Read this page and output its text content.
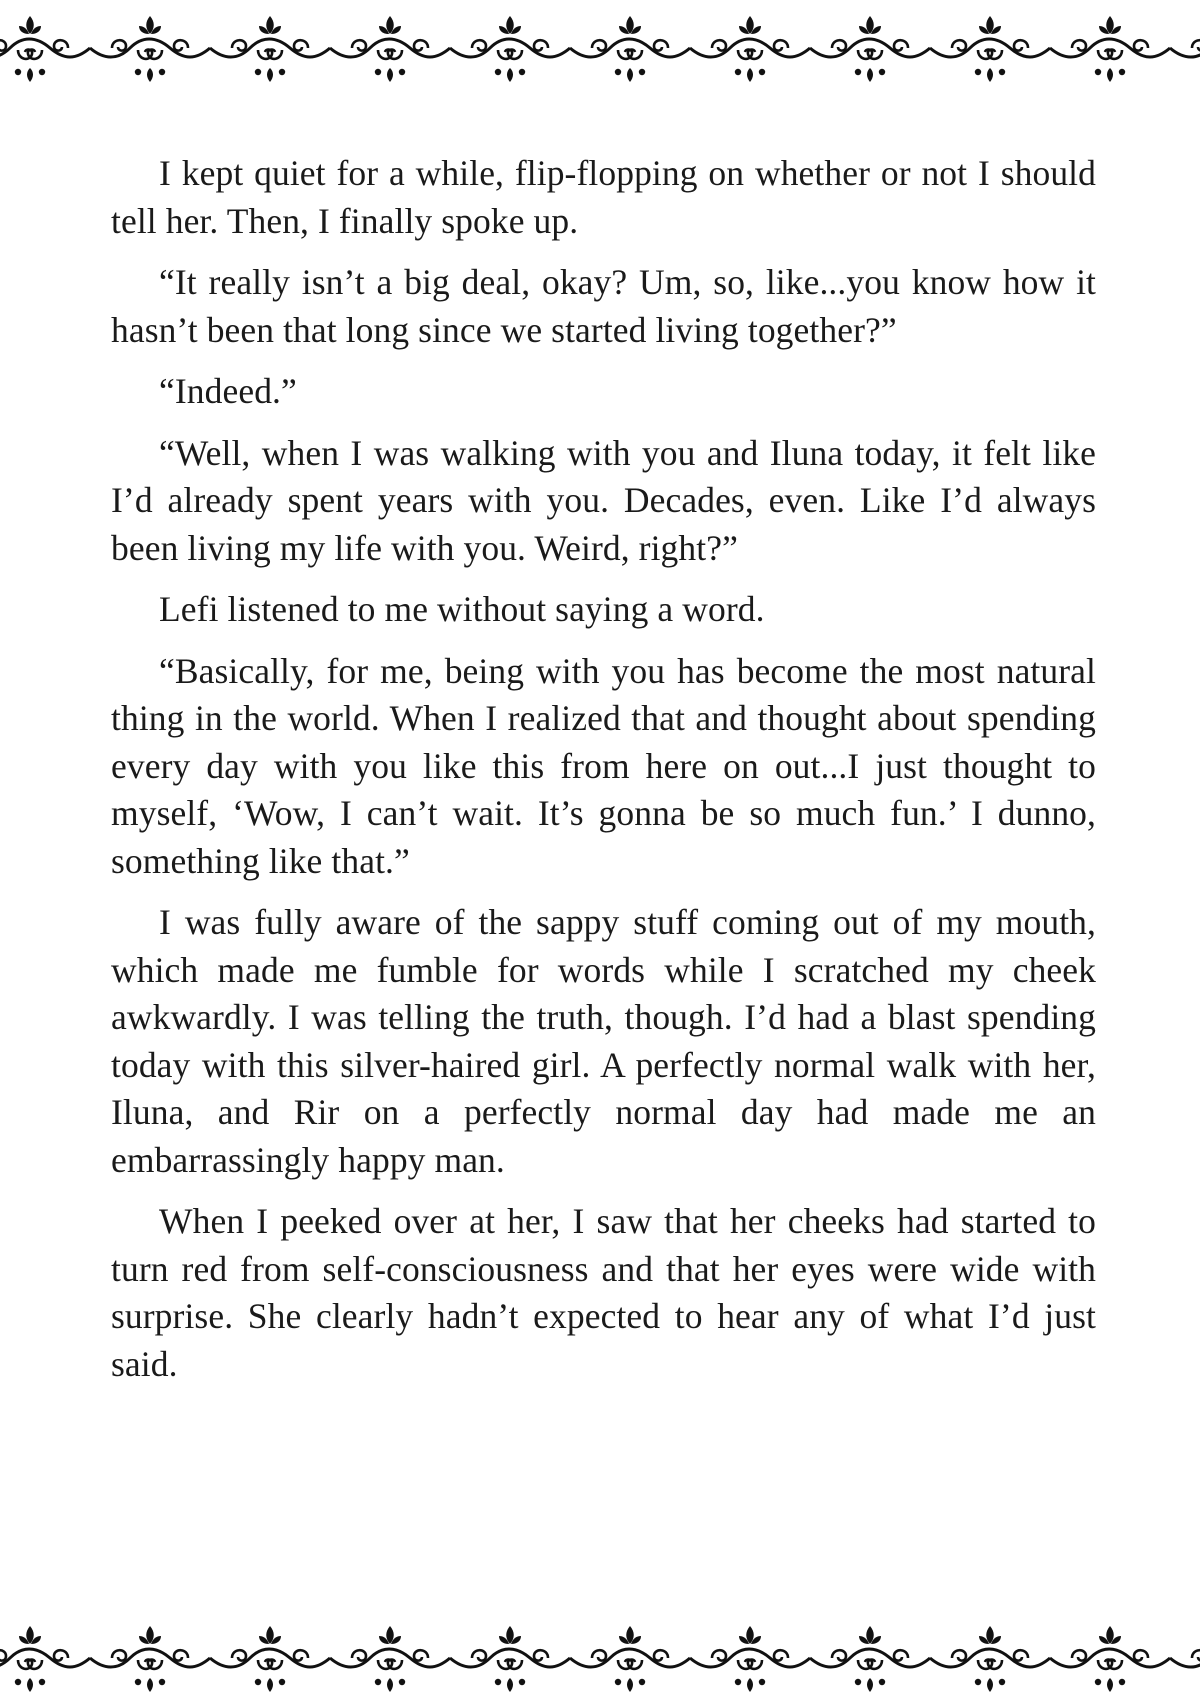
I kept quiet for a while, flip-flopping on whether or not I should tell her. Then, I finally spoke up.

“It really isn’t a big deal, okay? Um, so, like...you know how it hasn’t been that long since we started living together?”

“Indeed.”

“Well, when I was walking with you and Iluna today, it felt like I’d already spent years with you. Decades, even. Like I’d always been living my life with you. Weird, right?”

Lefi listened to me without saying a word.

“Basically, for me, being with you has become the most natural thing in the world. When I realized that and thought about spending every day with you like this from here on out...I just thought to myself, ‘Wow, I can’t wait. It’s gonna be so much fun.’ I dunno, something like that.”

I was fully aware of the sappy stuff coming out of my mouth, which made me fumble for words while I scratched my cheek awkwardly. I was telling the truth, though. I’d had a blast spending today with this silver-haired girl. A perfectly normal walk with her, Iluna, and Rir on a perfectly normal day had made me an embarrassingly happy man.

When I peeked over at her, I saw that her cheeks had started to turn red from self-consciousness and that her eyes were wide with surprise. She clearly hadn’t expected to hear any of what I’d just said.
